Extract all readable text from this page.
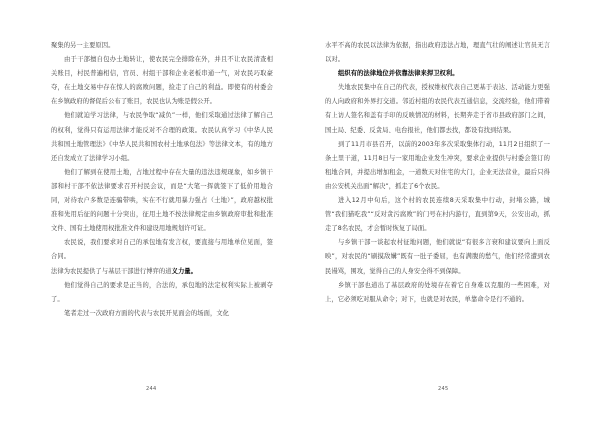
聚集的另一主要原因。

由于干部擅自包办土地转让，使农民完全排除在外，并且不让农民清查相关账目，村民普遍相信，官员、村组干部和企业老板串通一气，对农民巧取豪夺，在土地交易中存在惊人的腐败问题，捡走了自己的利益。即使有的村委会在乡镇政府的督促后公布了账目，农民也认为账是假公开。

他们就迫学习法律，与农民争取“减负”一样，他们采取通过法律了解自己的权利，觉得只有运用法律才能反对不合理的政策。农民认真学习《中华人民共和国土地管理法》《中华人民共和国农村土地承包法》等法律文本，有的地方还自发成立了法律学习小组。

他们了解到在使用土地，占地过程中存在大量的违法违规现象，如乡镇干部和村干部不依法律要求召开村民会议，而是“大笔一挥就签下了低价用地合同，对待农户多数是连骗带哄，实在不行就用暴力强占（土地）”，政府越权批准和先用后征的问题十分突出，征用土地不按法律规定由乡镇政府审批和批准文件、国有土地使用权批准文件和建设用地规划许可证。

农民说，我们要求对自己的承包地有发言权，要直接与用地单位见面，签合同。

法律为农民提供了与基层干部进行博弈的道义力量。

他们觉得自己的要求是正当的，合法的，承包地的法定权利实际上被剥夺了。

笔者走过一次政府方面的代表与农民开见面会的场面，文化

244

水平不高的农民以法律为依据，指出政府违法占地，理直气壮的阐述让官员无言以对。

组织有的法律地位并依靠法律来捍卫权利。

失地农民集中在自己的代表，授权维权代表自己更基于表达、活动能力更强的人向政府和外界打交道。邻近村组的农民代表互通信息，交流经验，他们带着有上访人签名和盖有手印的反映情况的材料，长期奔走于省市县政府部门之间，国土局、纪委、反贪局、电台报社，他们都去找，都设有找到结果。

到了11月市县召开，以前的2003年多次采取集体行动，11月2日组织了一条土里干道，11月8日与一家用地企业发生冲突，要求企业提供与村委会签订的租地合同，并提出增加租金，一道数天对住宅的大门，企业无法营业，最后只得由公安机关出面“解决”，抓走了6个农民。

进入12月中旬后，这个村的农民连续8天采取集中行动，封堵公路，城管“我们猫吃我”“反对贪污腐败”的门号在村内游行，直到第9天，公安出动，抓走了8名农民，才会暂时恢复了局面。

与乡镇干部一谈起农村征地问题，他们就说“有很多言衰和建议要向上面反映”，对农民的“刷摸敌媾”既有一肚子委屈，也有满腹的愁气，他们经常遭到农民谩骂，围攻，觉得自己的人身安全得不到保障。

乡镇干部也道出了基层政府的处境存在着它自身难以克服的一些困难，对上，它必须吃对服从命令；对下，也就是对农民，单靠命令是行不通的。

245
